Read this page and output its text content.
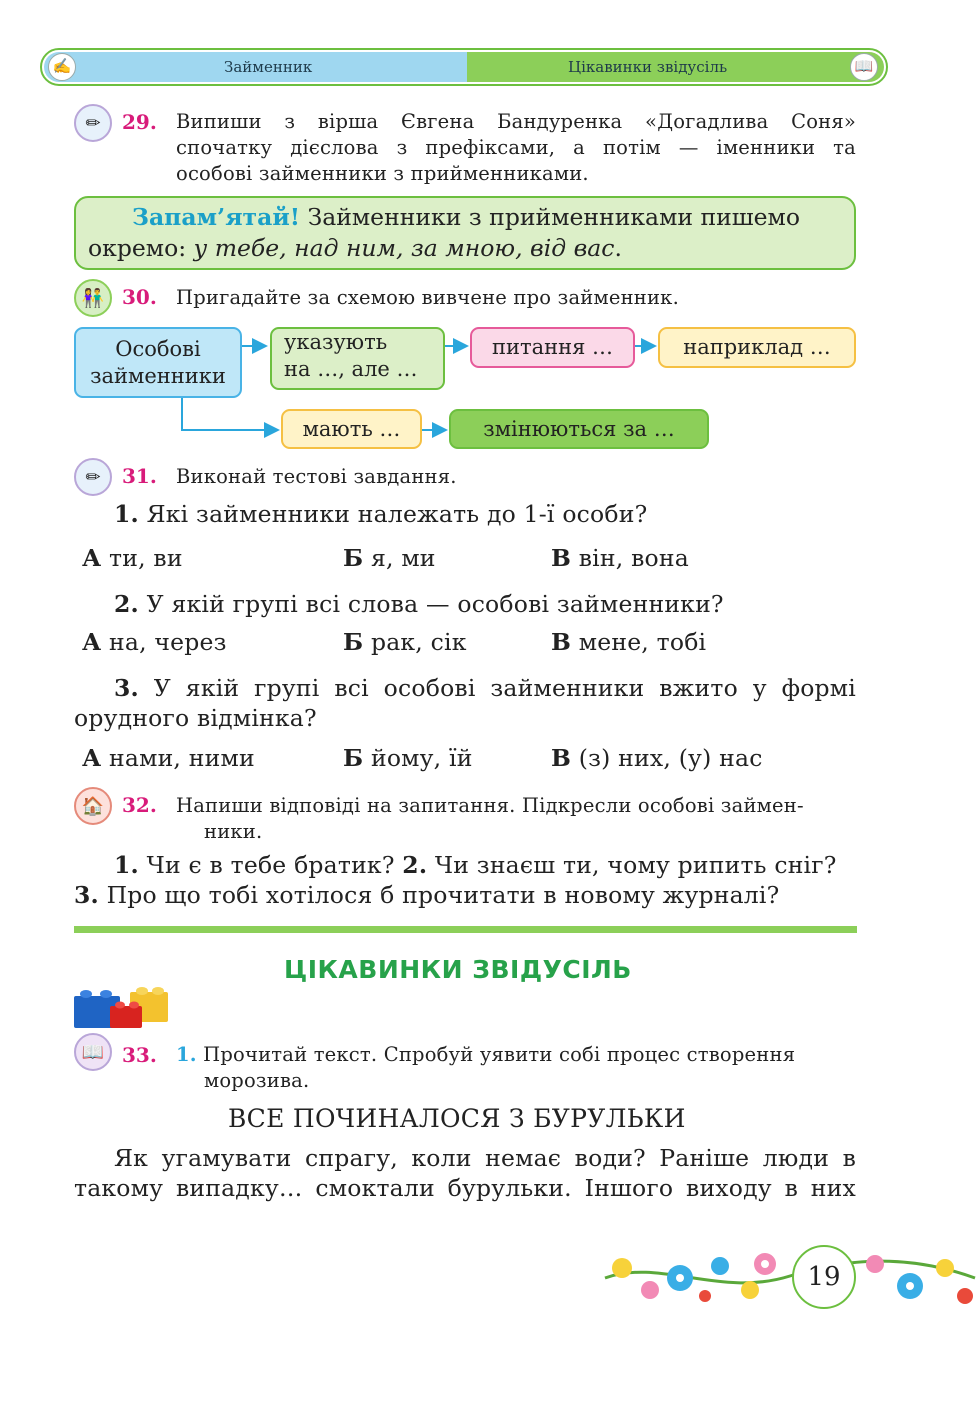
✍	Займенник	Цікавинки звідусіль	📖
✏	29. Випиши з вірша Євгена Бандуренка «Догадлива Соня»
спочатку дієслова з префіксами, а потім — іменники та
особові займенники з прийменниками.

Запам’ятай! Займенники з прийменниками пишемо

окремо: у тебе, над ним, за мною, від вас.

👫 30. Пригадайте за схемою вивчене про займенник.
Особові
займенники
указують
на …, але …
питання …	наприклад …
мають …	змінюються за …
✏	31. Виконай тестові завдання.
1. Які займенники належать до 1-ї особи?
А ти, ви	Б я, ми	В він, вона
2. У якій групі всі слова — особові займенники?
А на, через	Б рак, сік	В мене, тобі
3. У якій групі всі особові займенники вжито у формі
орудного відмінка?
А нами, ними	Б йому, їй	В (з) них, (у) нас
🏠 32. Напиши відповіді на запитання. Підкресли особові займен-
ники.
1. Чи є в тебе братик? 2. Чи знаєш ти, чому рипить сніг?
3. Про що тобі хотілося б прочитати в новому журналі?
ЦІКАВИНКИ ЗВІДУСІЛЬ
📖 33. 1. Прочитай текст. Спробуй уявити собі процес створення
морозива.
ВСЕ ПОЧИНАЛОСЯ З БУРУЛЬКИ
Як угамувати спрагу, коли немає води? Раніше люди в
такому випадку… смоктали бурульки. Іншого виходу в них
19
